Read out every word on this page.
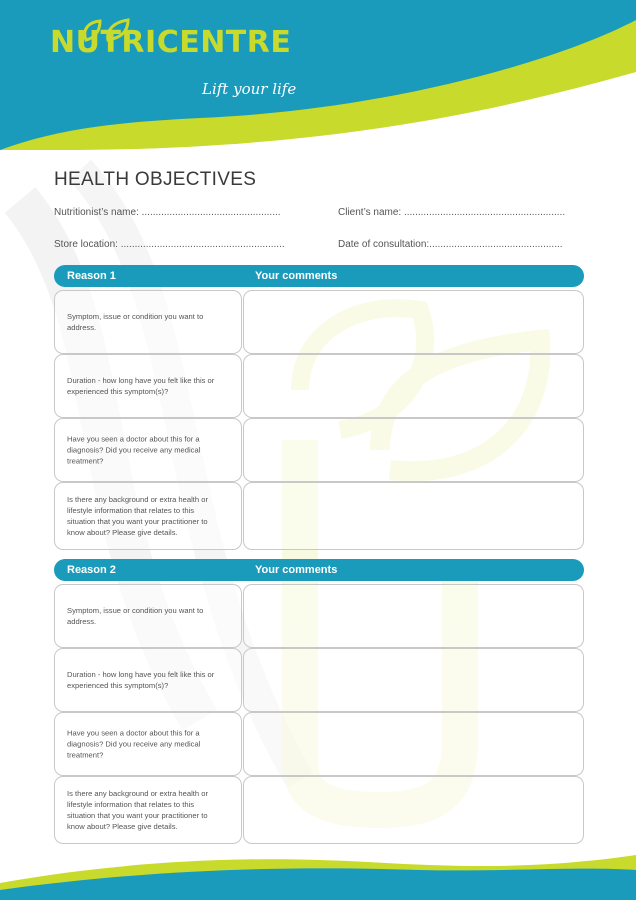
NUTRICENTRE
Lift your life
HEALTH OBJECTIVES
Nutritionist’s name: ..................................................	Client’s name: ..........................................................
Store location: ...........................................................	Date of consultation:................................................
Reason 1	Your comments
Symptom, issue or condition you want to address.
Duration - how long have you felt like this or experienced this symptom(s)?
Have you seen a doctor about this for a diagnosis? Did you receive any medical treatment?
Is there any background or extra health or lifestyle information that relates to this situation that you want your practitioner to know about? Please give details.
Reason 2	Your comments
Symptom, issue or condition you want to address.
Duration - how long have you felt like this or experienced this symptom(s)?
Have you seen a doctor about this for a diagnosis? Did you receive any medical treatment?
Is there any background or extra health or lifestyle information that relates to this situation that you want your practitioner to know about? Please give details.
